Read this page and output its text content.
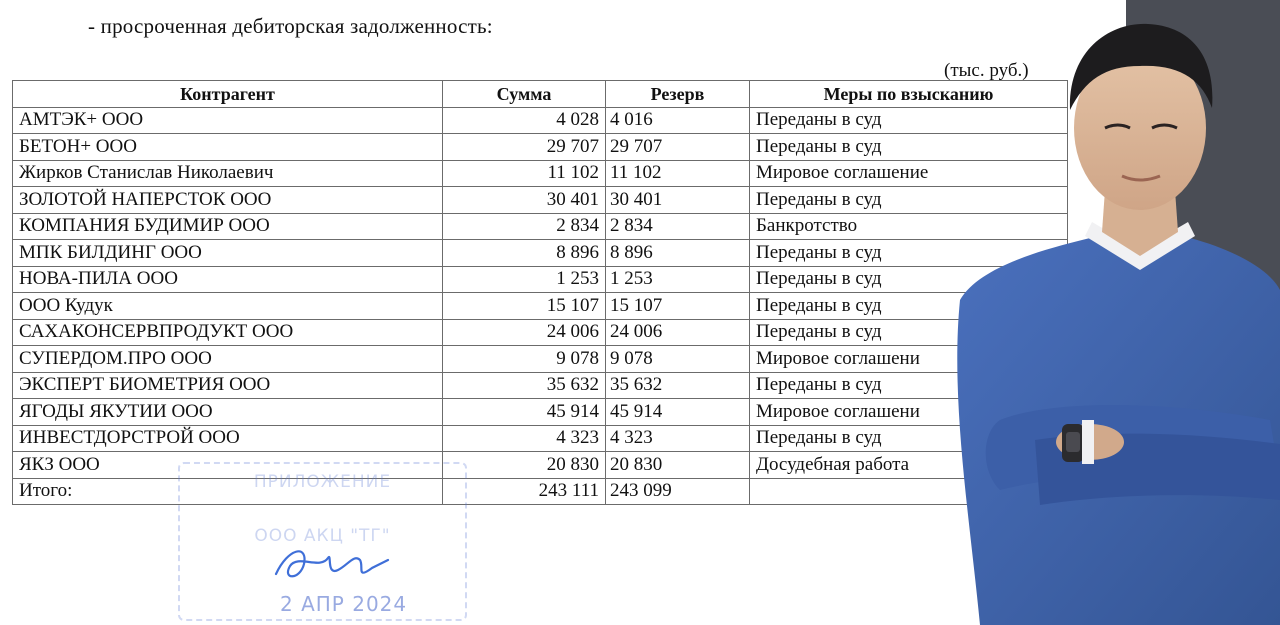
- просроченная дебиторская задолженность:
(тыс. руб.)
Контрагент	Сумма	Резерв	Меры по взысканию
АМТЭК+ ООО	4 028	4 016	Переданы в суд
БЕТОН+ ООО	29 707	29 707	Переданы в суд
Жирков Станислав Николаевич	11 102	11 102	Мировое соглашение
ЗОЛОТОЙ НАПЕРСТОК ООО	30 401	30 401	Переданы в суд
КОМПАНИЯ БУДИМИР ООО	2 834	2 834	Банкротство
МПК БИЛДИНГ ООО	8 896	8 896	Переданы в суд
НОВА-ПИЛА ООО	1 253	1 253	Переданы в суд
ООО Кудук	15 107	15 107	Переданы в суд
САХАКОНСЕРВПРОДУКТ ООО	24 006	24 006	Переданы в суд
СУПЕРДОМ.ПРО ООО	9 078	9 078	Мировое соглашени
ЭКСПЕРТ БИОМЕТРИЯ ООО	35 632	35 632	Переданы в суд
ЯГОДЫ ЯКУТИИ ООО	45 914	45 914	Мировое соглашени
ИНВЕСТДОРСТРОЙ ООО	4 323	4 323	Переданы в суд
ЯКЗ ООО	20 830	20 830	Досудебная работа
Итого:	243 111	243 099	
ПРИЛОЖЕНИЕ
ООО АКЦ "ТГ"
2 АПР 2024
